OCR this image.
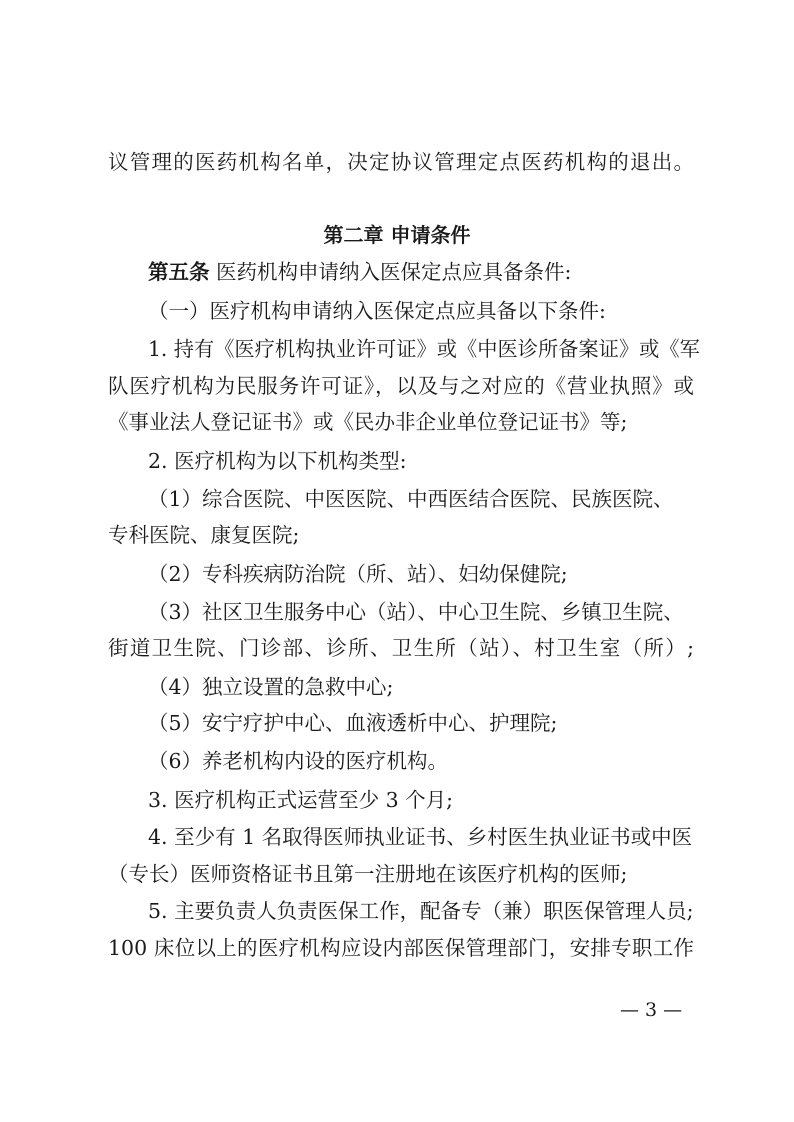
议管理的医药机构名单，决定协议管理定点医药机构的退出。
第二章 申请条件
第五条 医药机构申请纳入医保定点应具备条件:
（一）医疗机构申请纳入医保定点应具备以下条件:
1. 持有《医疗机构执业许可证》或《中医诊所备案证》或《军
队医疗机构为民服务许可证》，以及与之对应的《营业执照》或
《事业法人登记证书》或《民办非企业单位登记证书》等;
2. 医疗机构为以下机构类型:
（1）综合医院、中医医院、中西医结合医院、民族医院、
专科医院、康复医院;
（2）专科疾病防治院（所、站）、妇幼保健院;
（3）社区卫生服务中心（站）、中心卫生院、乡镇卫生院、
街道卫生院、门诊部、诊所、卫生所（站）、村卫生室（所）;
（4）独立设置的急救中心;
（5）安宁疗护中心、血液透析中心、护理院;
（6）养老机构内设的医疗机构。
3. 医疗机构正式运营至少 3 个月;
4. 至少有 1 名取得医师执业证书、乡村医生执业证书或中医
（专长）医师资格证书且第一注册地在该医疗机构的医师;
5. 主要负责人负责医保工作，配备专（兼）职医保管理人员;
100 床位以上的医疗机构应设内部医保管理部门，安排专职工作
— 3 —
